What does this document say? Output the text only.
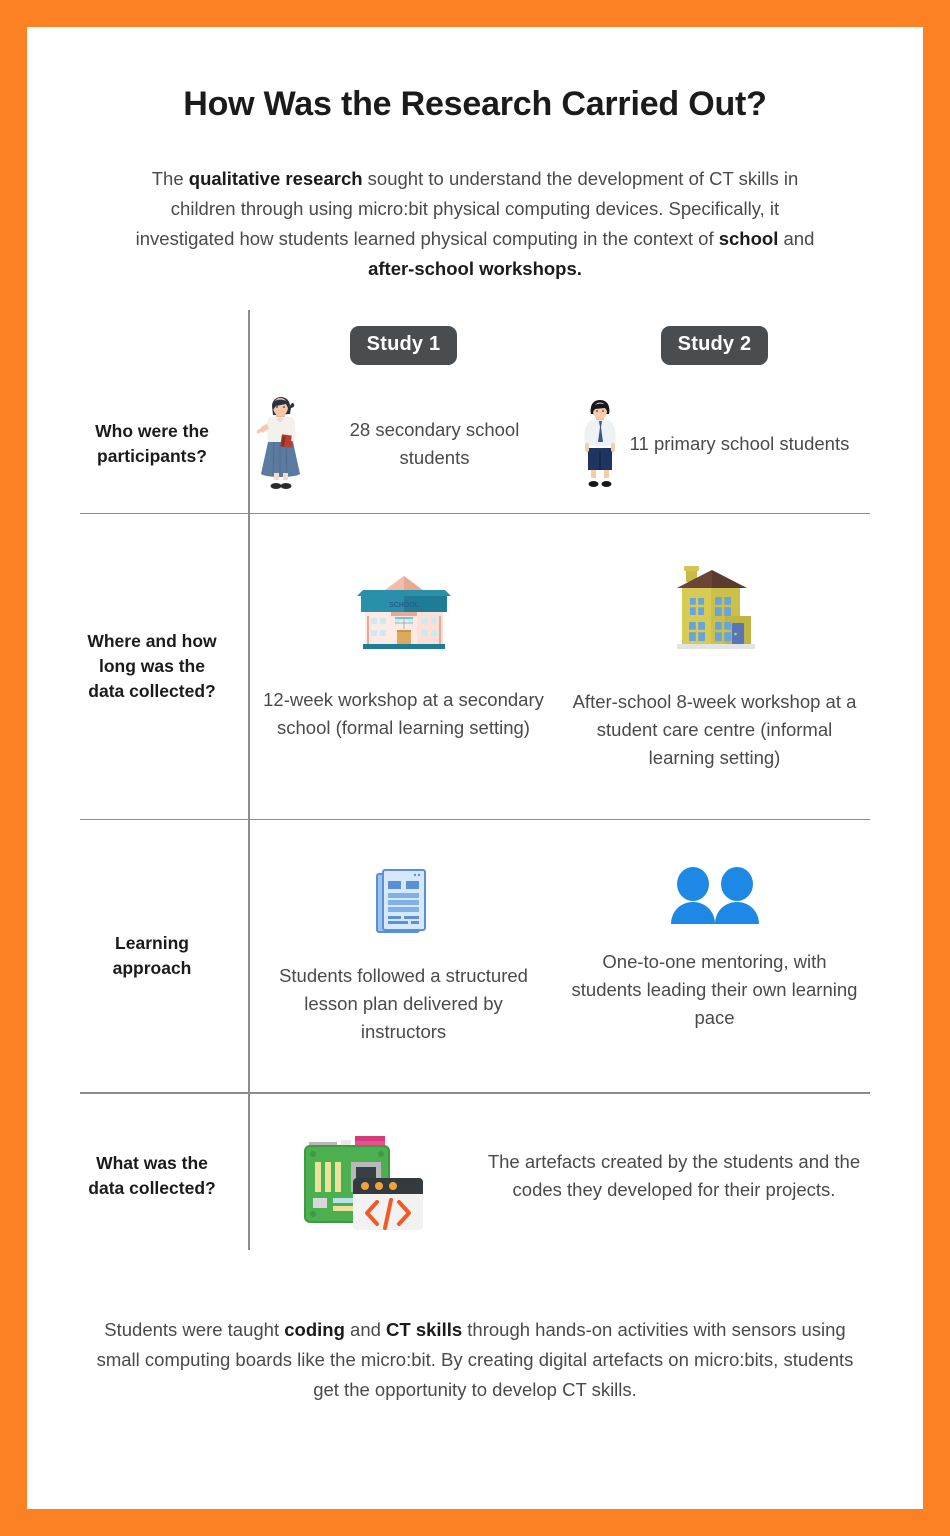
How Was the Research Carried Out?

The qualitative research sought to understand the development of CT skills in children through using micro:bit physical computing devices. Specifically, it investigated how students learned physical computing in the context of school and after-school workshops.

Study 1	Study 2
Who were the participants?
28 secondary school students
11 primary school students
Where and how long was the data collected?
SCHOOL
12-week workshop at a secondary school (formal learning setting)
After-school 8-week workshop at a student care centre (informal learning setting)
Learning approach	Students followed a structured lesson plan delivered by instructors
One-to-one mentoring, with students leading their own learning pace
What was the data collected?
The artefacts created by the students and the codes they developed for their projects.

Students were taught coding and CT skills through hands-on activities with sensors using small computing boards like the micro:bit. By creating digital artefacts on micro:bits, students get the opportunity to develop CT skills.
